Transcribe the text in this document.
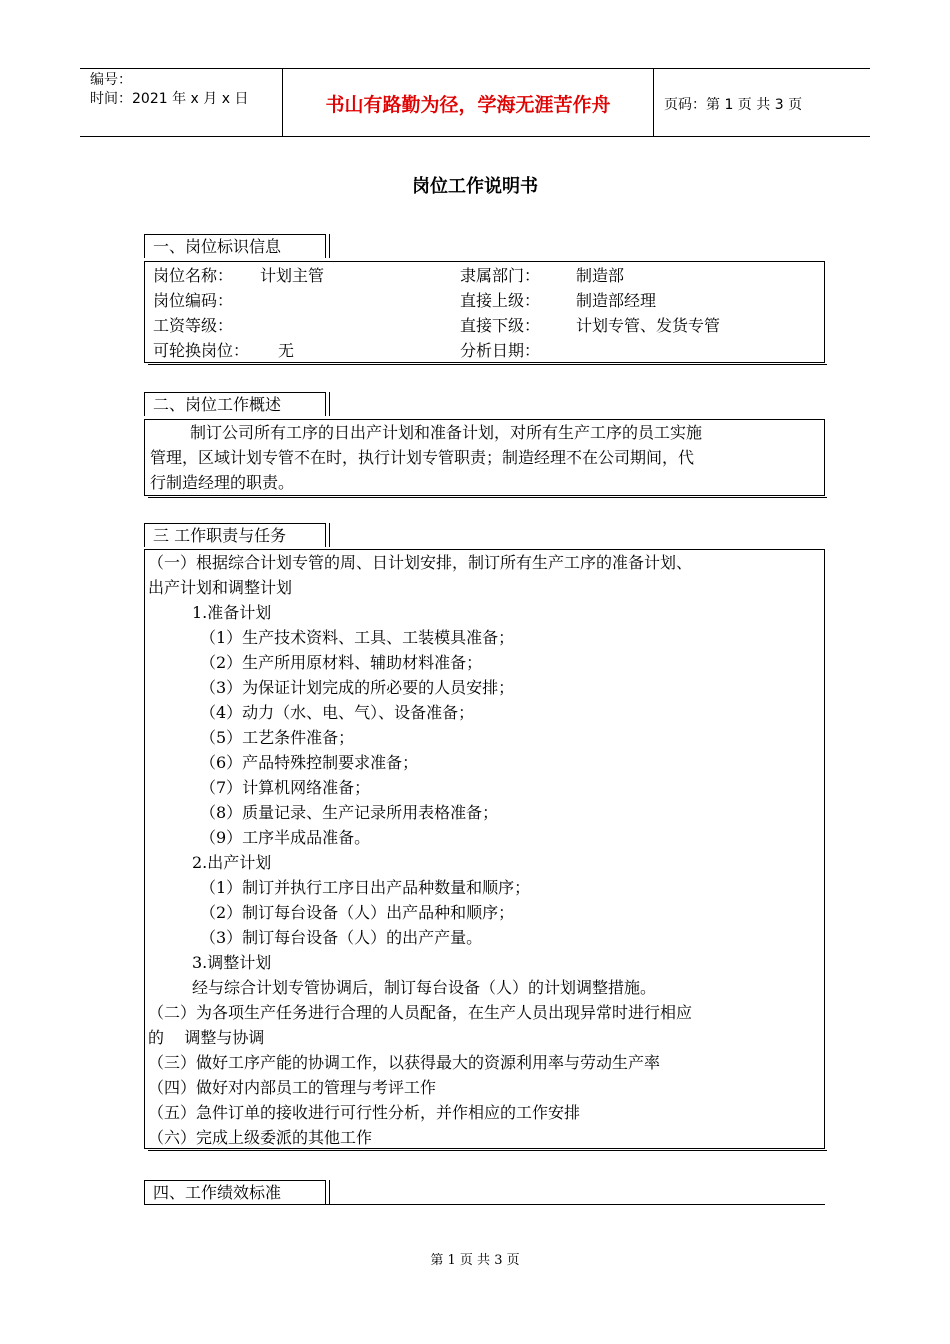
编号：
时间：2021 年 x 月 x 日	书山有路勤为径，学海无涯苦作舟	页码：第 1 页 共 3 页
岗位工作说明书
一、岗位标识信息
岗位名称： 计划主管	隶属部门： 制造部
岗位编码：	直接上级： 制造部经理
工资等级：	直接下级： 计划专管、发货专管
可轮换岗位： 无	分析日期：
二、岗位工作概述
制订公司所有工序的日出产计划和准备计划，对所有生产工序的员工实施
管理，区域计划专管不在时，执行计划专管职责；制造经理不在公司期间，代
行制造经理的职责。
三 工作职责与任务
（一）根据综合计划专管的周、日计划安排，制订所有生产工序的准备计划、
出产计划和调整计划
1.准备计划
（1）生产技术资料、工具、工装模具准备；
（2）生产所用原材料、辅助材料准备；
（3）为保证计划完成的所必要的人员安排；
（4）动力（水、电、气）、设备准备；
（5）工艺条件准备；
（6）产品特殊控制要求准备；
（7）计算机网络准备；
（8）质量记录、生产记录所用表格准备；
（9）工序半成品准备。
2.出产计划
（1）制订并执行工序日出产品种数量和顺序；
（2）制订每台设备（人）出产品种和顺序；
（3）制订每台设备（人）的出产产量。
3.调整计划
经与综合计划专管协调后，制订每台设备（人）的计划调整措施。
（二）为各项生产任务进行合理的人员配备，在生产人员出现异常时进行相应
的    调整与协调
（三）做好工序产能的协调工作，以获得最大的资源利用率与劳动生产率
（四）做好对内部员工的管理与考评工作
（五）急件订单的接收进行可行性分析，并作相应的工作安排
（六）完成上级委派的其他工作
四、工作绩效标准
第 1 页 共 3 页
